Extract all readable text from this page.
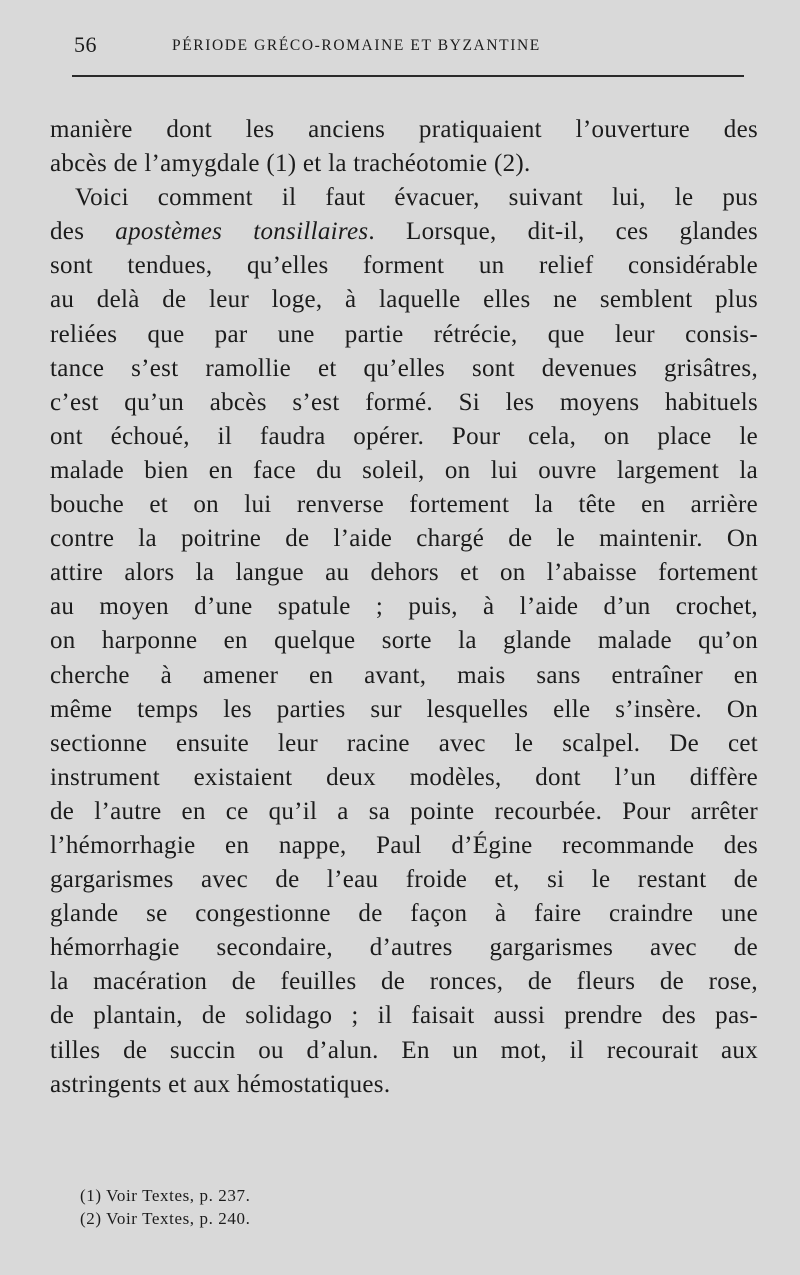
56	PÉRIODE GRÉCO-ROMAINE ET BYZANTINE
manière dont les anciens pratiquaient l’ouverture des
abcès de l’amygdale (1) et la trachéotomie (2).
Voici comment il faut évacuer, suivant lui, le pus
des apostèmes tonsillaires. Lorsque, dit-il, ces glandes
sont tendues, qu’elles forment un relief considérable
au delà de leur loge, à laquelle elles ne semblent plus
reliées que par une partie rétrécie, que leur consis-
tance s’est ramollie et qu’elles sont devenues grisâtres,
c’est qu’un abcès s’est formé. Si les moyens habituels
ont échoué, il faudra opérer. Pour cela, on place le
malade bien en face du soleil, on lui ouvre largement la
bouche et on lui renverse fortement la tête en arrière
contre la poitrine de l’aide chargé de le maintenir. On
attire alors la langue au dehors et on l’abaisse fortement
au moyen d’une spatule ; puis, à l’aide d’un crochet,
on harponne en quelque sorte la glande malade qu’on
cherche à amener en avant, mais sans entraîner en
même temps les parties sur lesquelles elle s’insère. On
sectionne ensuite leur racine avec le scalpel. De cet
instrument existaient deux modèles, dont l’un diffère
de l’autre en ce qu’il a sa pointe recourbée. Pour arrêter
l’hémorrhagie en nappe, Paul d’Égine recommande des
gargarismes avec de l’eau froide et, si le restant de
glande se congestionne de façon à faire craindre une
hémorrhagie secondaire, d’autres gargarismes avec de
la macération de feuilles de ronces, de fleurs de rose,
de plantain, de solidago ; il faisait aussi prendre des pas-
tilles de succin ou d’alun. En un mot, il recourait aux
astringents et aux hémostatiques.
(1) Voir Textes, p. 237.
(2) Voir Textes, p. 240.
